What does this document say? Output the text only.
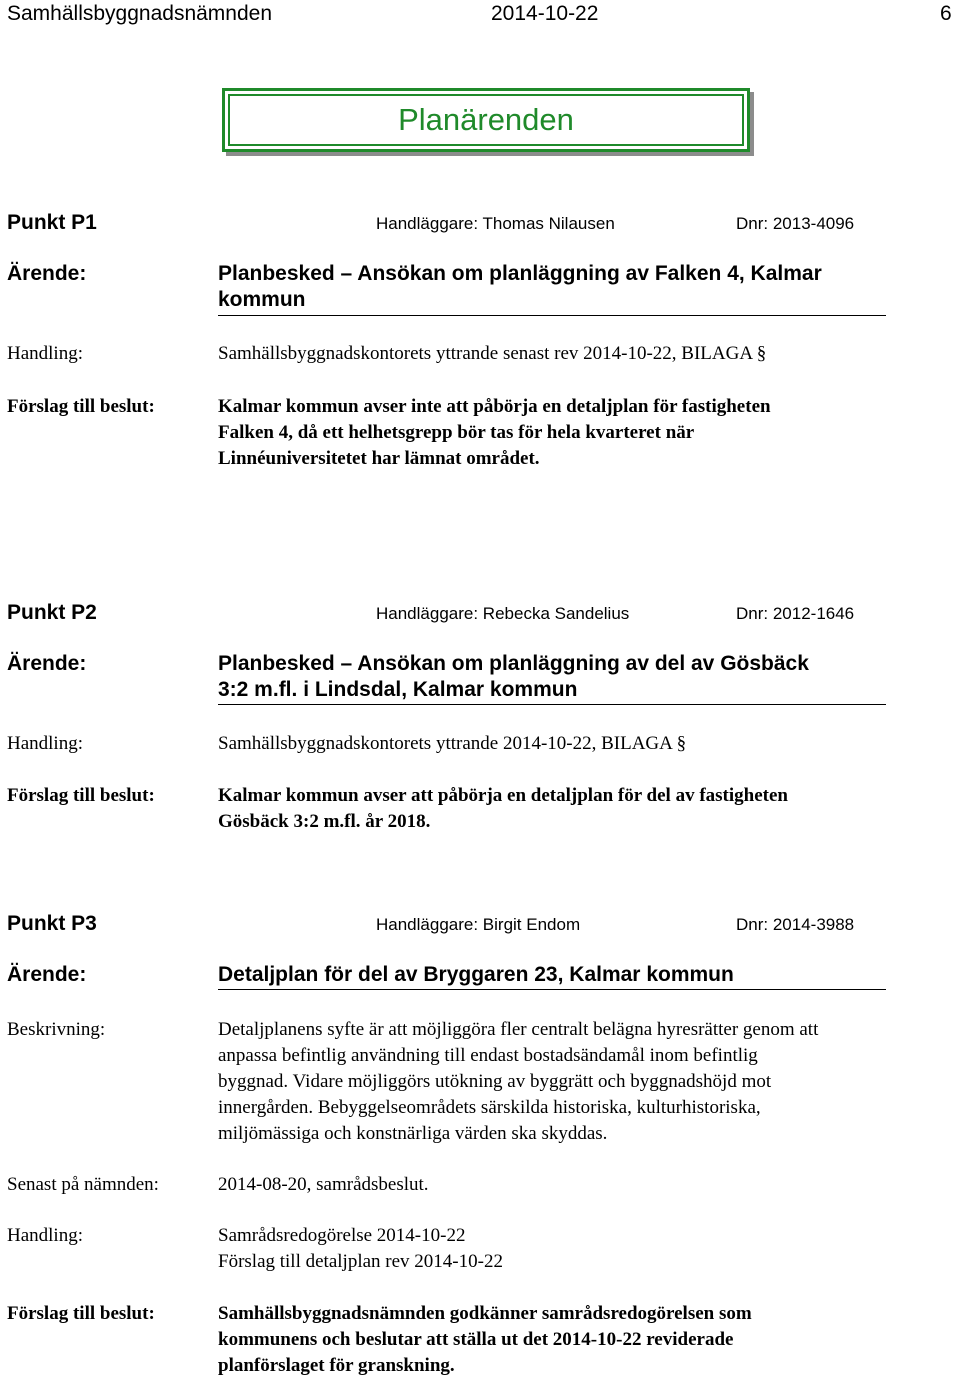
Samhällsbyggnadsnämnden	2014-10-22	6
Planärenden
Punkt P1	Handläggare: Thomas Nilausen	Dnr: 2013-4096
Ärende:	Planbesked – Ansökan om planläggning av Falken 4, Kalmar
kommun
Handling:	Samhällsbyggnadskontorets yttrande senast rev 2014-10-22, BILAGA §
Förslag till beslut:	Kalmar kommun avser inte att påbörja en detaljplan för fastigheten
Falken 4, då ett helhetsgrepp bör tas för hela kvarteret när
Linnéuniversitetet har lämnat området.
Punkt P2	Handläggare: Rebecka Sandelius	Dnr: 2012-1646
Ärende:	Planbesked – Ansökan om planläggning av del av Gösbäck
3:2 m.fl. i Lindsdal, Kalmar kommun
Handling:	Samhällsbyggnadskontorets yttrande 2014-10-22, BILAGA §
Förslag till beslut:	Kalmar kommun avser att påbörja en detaljplan för del av fastigheten
Gösbäck 3:2 m.fl. år 2018.
Punkt P3	Handläggare: Birgit Endom	Dnr: 2014-3988
Ärende:	Detaljplan för del av Bryggaren 23, Kalmar kommun
Beskrivning:	Detaljplanens syfte är att möjliggöra fler centralt belägna hyresrätter genom att
anpassa befintlig användning till endast bostadsändamål inom befintlig
byggnad. Vidare möjliggörs utökning av byggrätt och byggnadshöjd mot
innergården. Bebyggelseområdets särskilda historiska, kulturhistoriska,
miljömässiga och konstnärliga värden ska skyddas.
Senast på nämnden:	2014-08-20, samrådsbeslut.
Handling:	Samrådsredogörelse 2014-10-22
Förslag till detaljplan rev 2014-10-22
Förslag till beslut:	Samhällsbyggnadsnämnden godkänner samrådsredogörelsen som
kommunens och beslutar att ställa ut det 2014-10-22 reviderade
planförslaget för granskning.
